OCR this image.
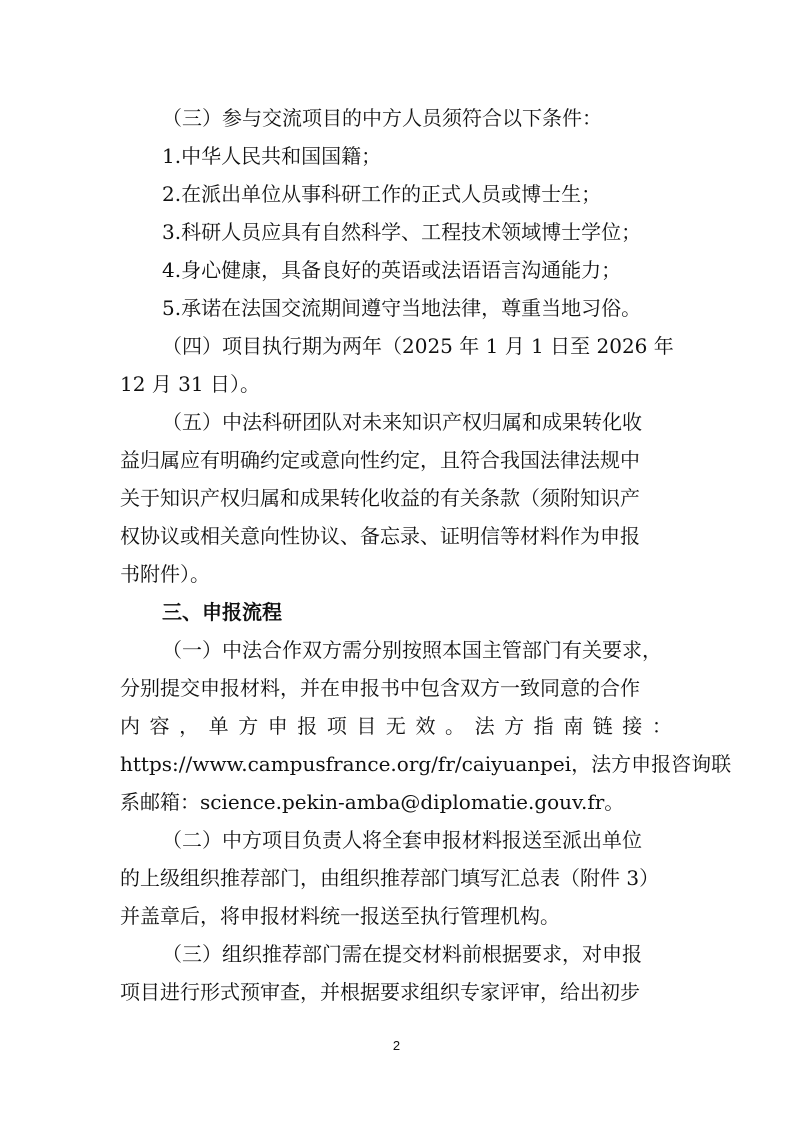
（三）参与交流项目的中方人员须符合以下条件：
1.中华人民共和国国籍；
2.在派出单位从事科研工作的正式人员或博士生；
3.科研人员应具有自然科学、工程技术领域博士学位；
4.身心健康，具备良好的英语或法语语言沟通能力；
5.承诺在法国交流期间遵守当地法律，尊重当地习俗。
（四）项目执行期为两年（2025 年 1 月 1 日至 2026 年
12 月 31 日）。
（五）中法科研团队对未来知识产权归属和成果转化收
益归属应有明确约定或意向性约定，且符合我国法律法规中
关于知识产权归属和成果转化收益的有关条款（须附知识产
权协议或相关意向性协议、备忘录、证明信等材料作为申报
书附件）。
三、申报流程
（一）中法合作双方需分别按照本国主管部门有关要求，
分别提交申报材料，并在申报书中包含双方一致同意的合作
内 容 ， 单 方 申 报 项 目 无 效 。 法 方 指 南 链 接 ：
https://www.campusfrance.org/fr/caiyuanpei，法方申报咨询联
系邮箱：science.pekin-amba@diplomatie.gouv.fr。
（二）中方项目负责人将全套申报材料报送至派出单位
的上级组织推荐部门，由组织推荐部门填写汇总表（附件 3）
并盖章后，将申报材料统一报送至执行管理机构。
（三）组织推荐部门需在提交材料前根据要求，对申报
项目进行形式预审查，并根据要求组织专家评审，给出初步
2
